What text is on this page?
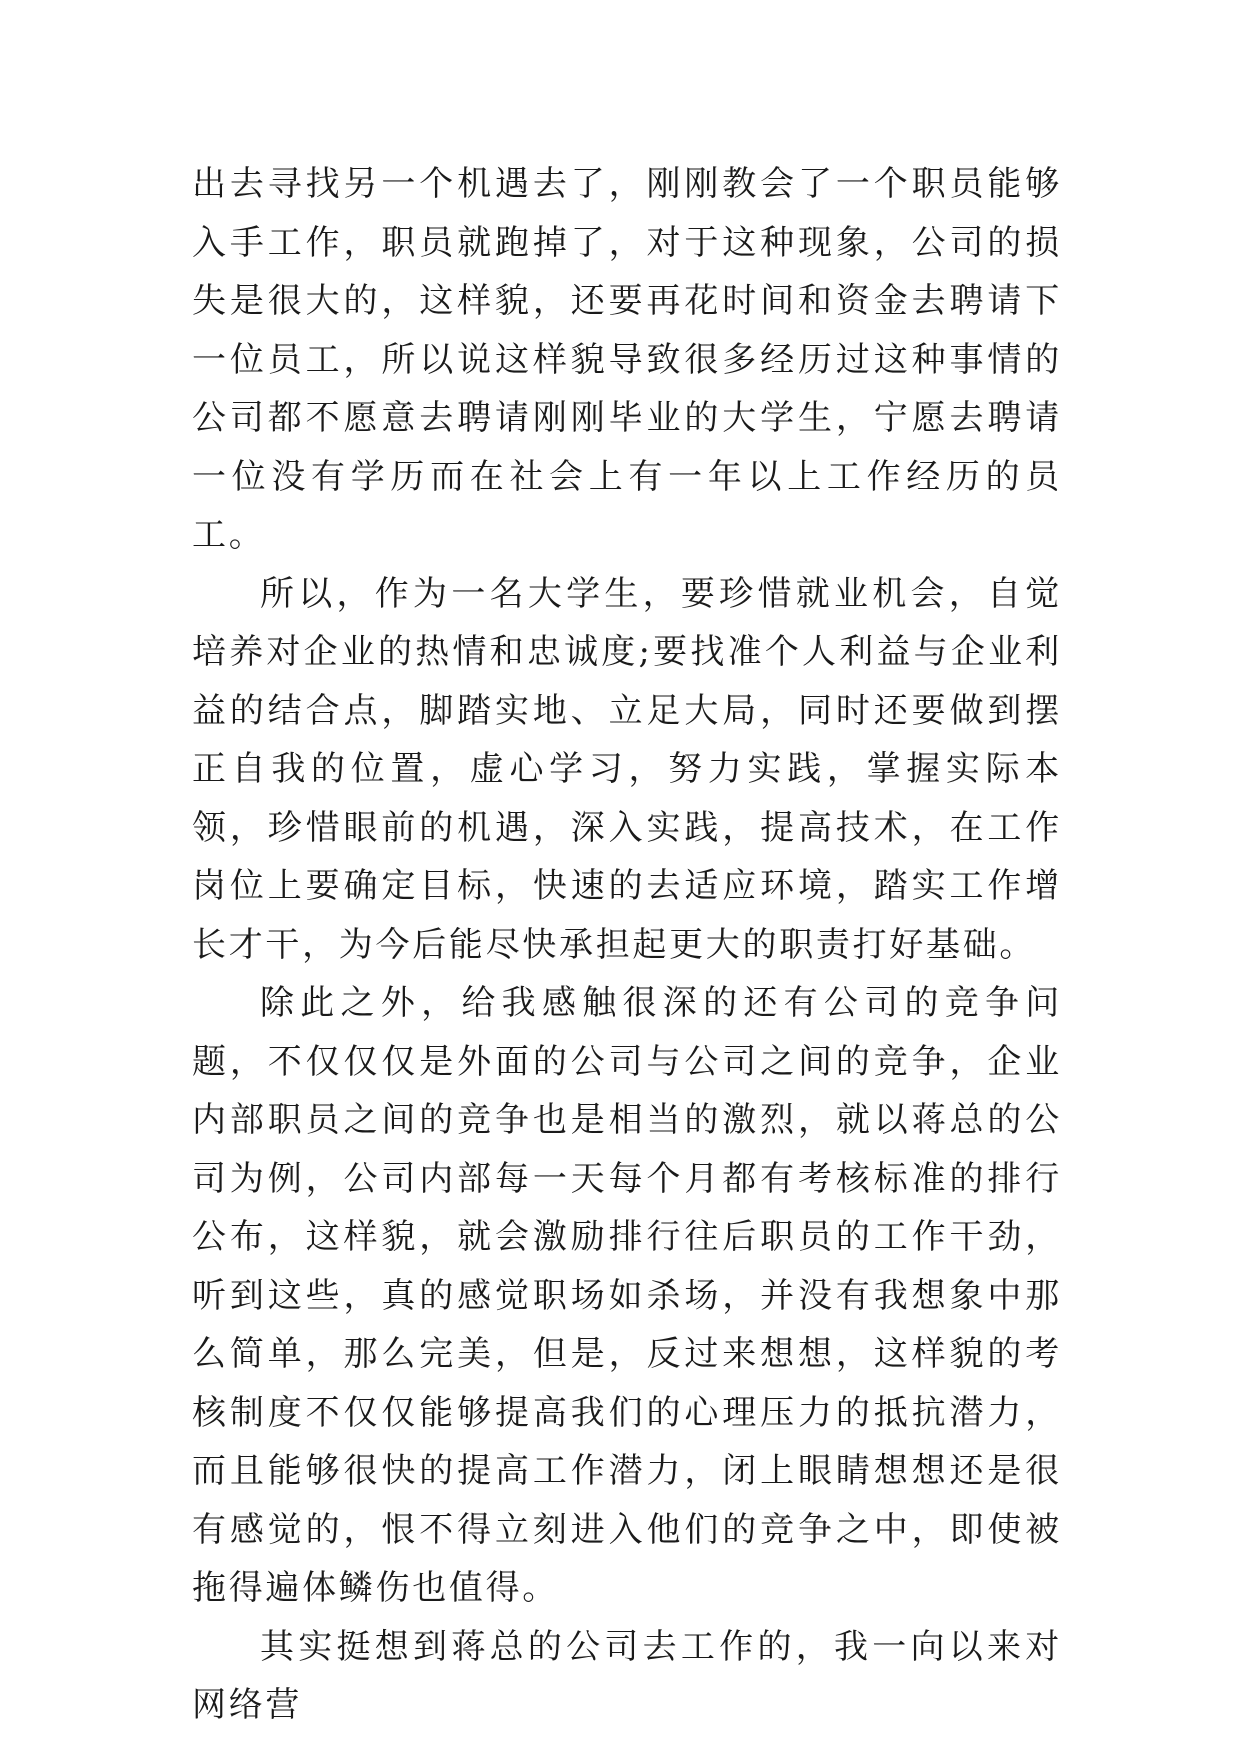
出去寻找另一个机遇去了，刚刚教会了一个职员能够入手工作，职员就跑掉了，对于这种现象，公司的损失是很大的，这样貌，还要再花时间和资金去聘请下一位员工，所以说这样貌导致很多经历过这种事情的公司都不愿意去聘请刚刚毕业的大学生，宁愿去聘请一位没有学历而在社会上有一年以上工作经历的员工。

所以，作为一名大学生，要珍惜就业机会，自觉培养对企业的热情和忠诚度;要找准个人利益与企业利益的结合点，脚踏实地、立足大局，同时还要做到摆正自我的位置，虚心学习，努力实践，掌握实际本领，珍惜眼前的机遇，深入实践，提高技术，在工作岗位上要确定目标，快速的去适应环境，踏实工作增长才干，为今后能尽快承担起更大的职责打好基础。

除此之外，给我感触很深的还有公司的竞争问题，不仅仅仅是外面的公司与公司之间的竞争，企业内部职员之间的竞争也是相当的激烈，就以蒋总的公司为例，公司内部每一天每个月都有考核标准的排行公布，这样貌，就会激励排行往后职员的工作干劲，听到这些，真的感觉职场如杀场，并没有我想象中那么简单，那么完美，但是，反过来想想，这样貌的考核制度不仅仅能够提高我们的心理压力的抵抗潜力，而且能够很快的提高工作潜力，闭上眼睛想想还是很有感觉的，恨不得立刻进入他们的竞争之中，即使被拖得遍体鳞伤也值得。

其实挺想到蒋总的公司去工作的，我一向以来对网络营
